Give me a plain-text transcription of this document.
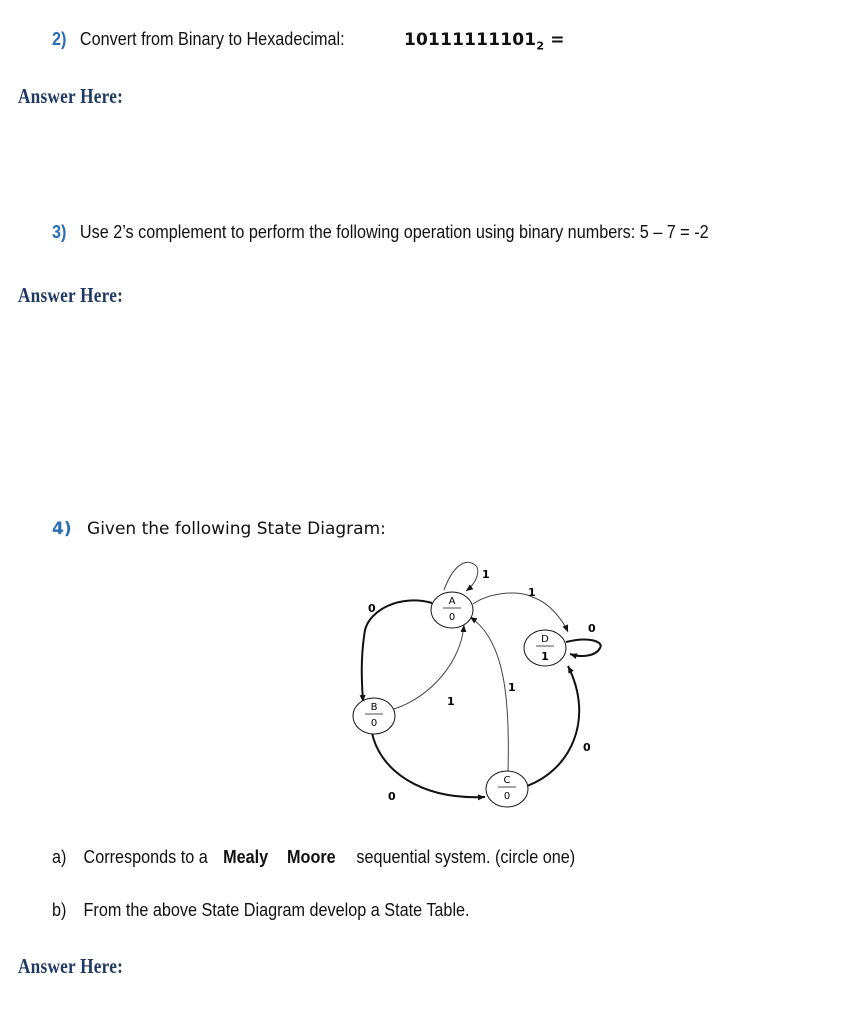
2) Convert from Binary to Hexadecimal:	$10111111101_2$ =
Answer Here:
3) Use 2’s complement to perform the following operation using binary numbers: 5 – 7 = -2
Answer Here:
4) Given the following State Diagram:
1
1
0
1
0
1
0
0
A
0
B
0
C
0
D
1
a) Corresponds to a Mealy Moore sequential system. (circle one)
b) From the above State Diagram develop a State Table.
Answer Here:
